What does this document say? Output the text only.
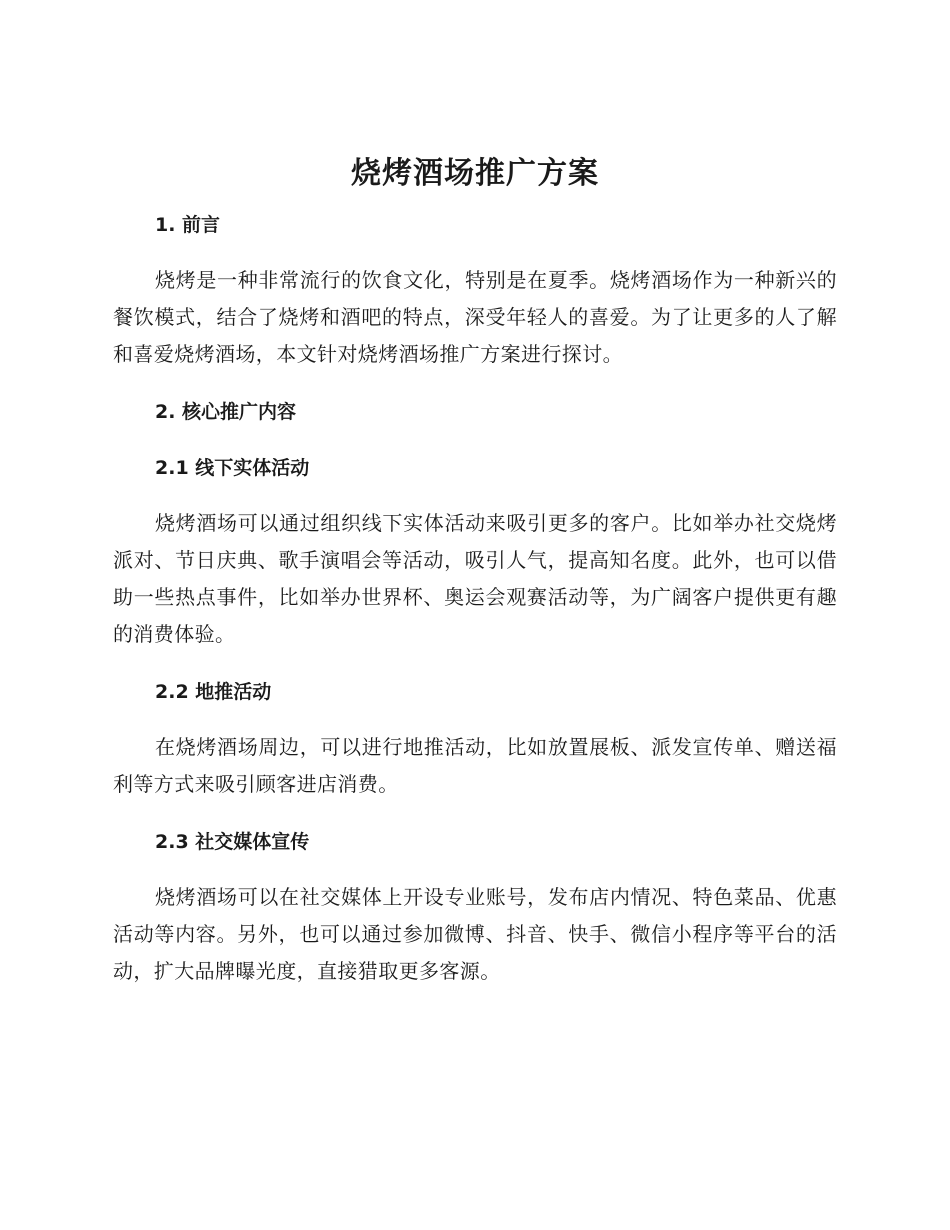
烧烤酒场推广方案
1. 前言

烧烤是一种非常流行的饮食文化，特别是在夏季。烧烤酒场作为一种新兴的餐饮模式，结合了烧烤和酒吧的特点，深受年轻人的喜爱。为了让更多的人了解和喜爱烧烤酒场，本文针对烧烤酒场推广方案进行探讨。

2. 核心推广内容
2.1 线下实体活动

烧烤酒场可以通过组织线下实体活动来吸引更多的客户。比如举办社交烧烤派对、节日庆典、歌手演唱会等活动，吸引人气，提高知名度。此外，也可以借助一些热点事件，比如举办世界杯、奥运会观赛活动等，为广阔客户提供更有趣的消费体验。

2.2 地推活动

在烧烤酒场周边，可以进行地推活动，比如放置展板、派发宣传单、赠送福利等方式来吸引顾客进店消费。

2.3 社交媒体宣传

烧烤酒场可以在社交媒体上开设专业账号，发布店内情况、特色菜品、优惠活动等内容。另外，也可以通过参加微博、抖音、快手、微信小程序等平台的活动，扩大品牌曝光度，直接猎取更多客源。
